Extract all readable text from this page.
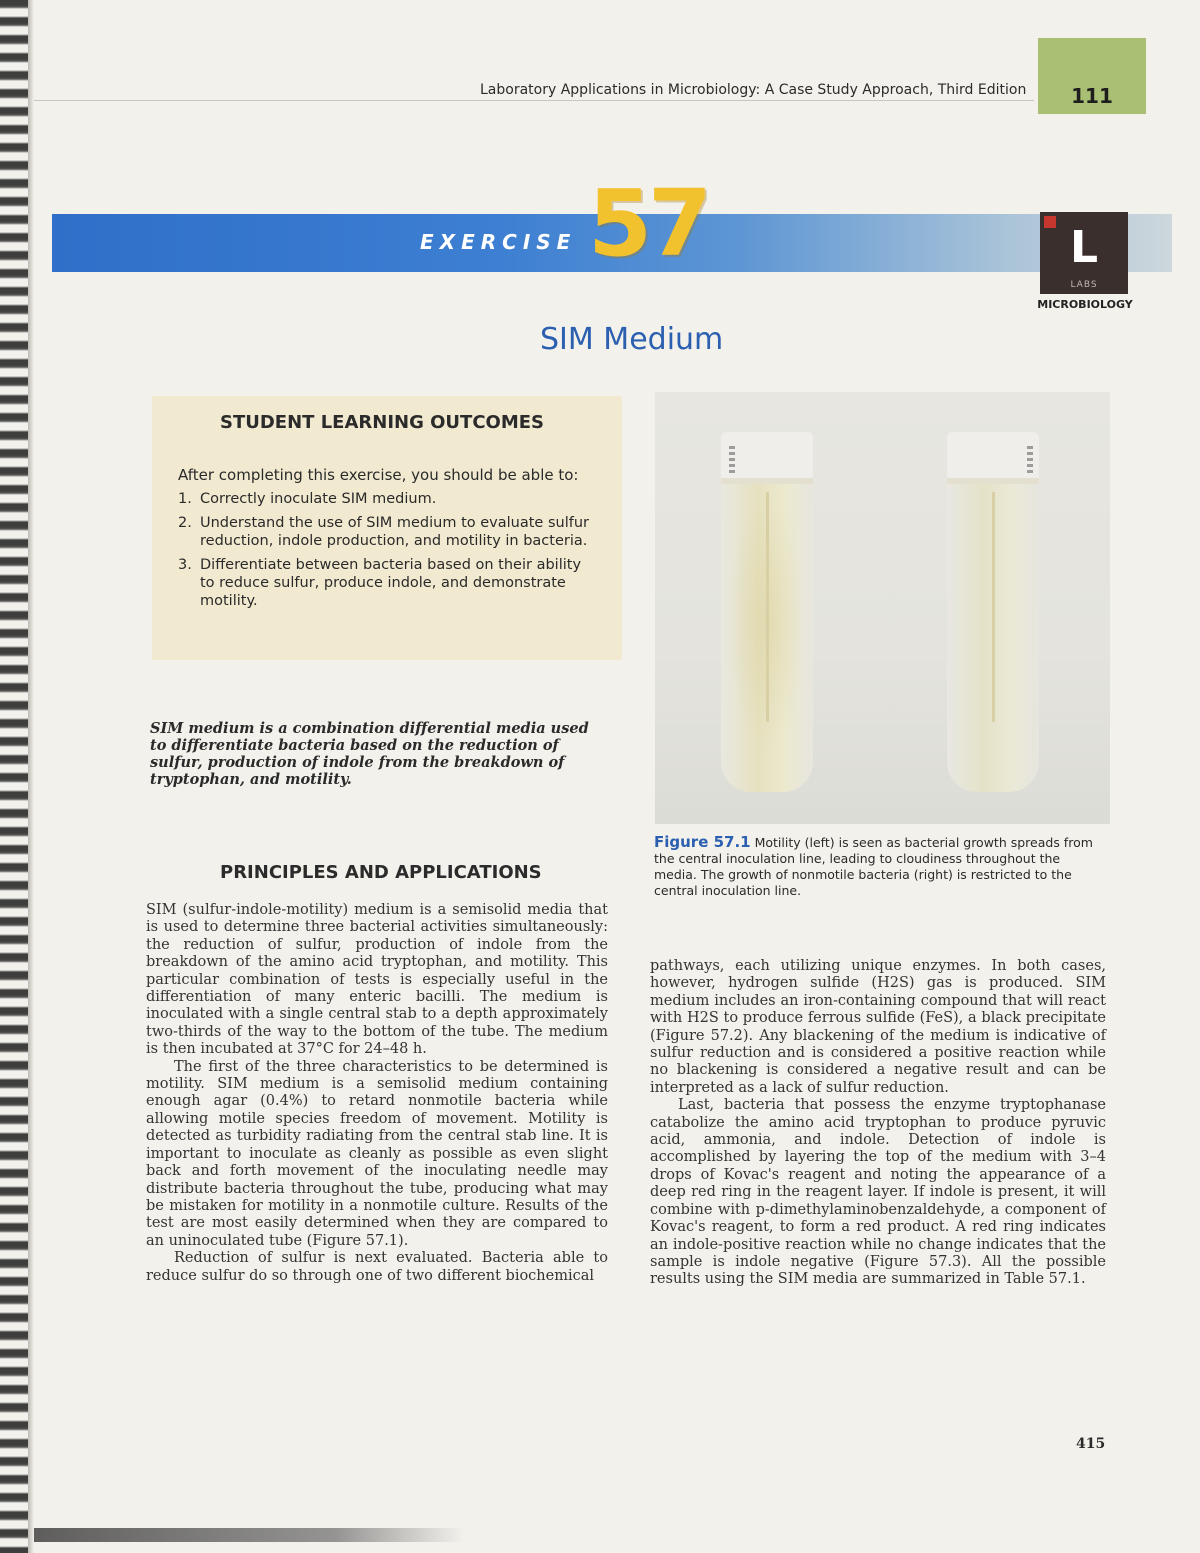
Laboratory Applications in Microbiology: A Case Study Approach, Third Edition	111
EXERCISE 57	L
LABS
MICROBIOLOGY
SIM Medium
STUDENT LEARNING OUTCOMES
After completing this exercise, you should be able to:
1. Correctly inoculate SIM medium.
2. Understand the use of SIM medium to evaluate sulfur reduction, indole production, and motility in bacteria.
3. Differentiate between bacteria based on their ability to reduce sulfur, produce indole, and demonstrate motility.
SIM medium is a combination differential media used to differentiate bacteria based on the reduction of sulfur, production of indole from the breakdown of tryptophan, and motility.
Figure 57.1 Motility (left) is seen as bacterial growth spreads from the central inoculation line, leading to cloudiness throughout the media. The growth of nonmotile bacteria (right) is restricted to the central inoculation line.
PRINCIPLES AND APPLICATIONS

SIM (sulfur-indole-motility) medium is a semisolid media that is used to determine three bacterial activities simultaneously: the reduction of sulfur, production of indole from the breakdown of the amino acid tryptophan, and motility. This particular combination of tests is especially useful in the differentiation of many enteric bacilli. The medium is inoculated with a single central stab to a depth approximately two-thirds of the way to the bottom of the tube. The medium is then incubated at 37°C for 24–48 h.

The first of the three characteristics to be determined is motility. SIM medium is a semisolid medium containing enough agar (0.4%) to retard nonmotile bacteria while allowing motile species freedom of movement. Motility is detected as turbidity radiating from the central stab line. It is important to inoculate as cleanly as possible as even slight back and forth movement of the inoculating needle may distribute bacteria throughout the tube, producing what may be mistaken for motility in a nonmotile culture. Results of the test are most easily determined when they are compared to an uninoculated tube (Figure 57.1).

Reduction of sulfur is next evaluated. Bacteria able to reduce sulfur do so through one of two different biochemical

pathways, each utilizing unique enzymes. In both cases, however, hydrogen sulfide (H2S) gas is produced. SIM medium includes an iron-containing compound that will react with H2S to produce ferrous sulfide (FeS), a black precipitate (Figure 57.2). Any blackening of the medium is indicative of sulfur reduction and is considered a positive reaction while no blackening is considered a negative result and can be interpreted as a lack of sulfur reduction.

Last, bacteria that possess the enzyme tryptophanase catabolize the amino acid tryptophan to produce pyruvic acid, ammonia, and indole. Detection of indole is accomplished by layering the top of the medium with 3–4 drops of Kovac's reagent and noting the appearance of a deep red ring in the reagent layer. If indole is present, it will combine with p-dimethylaminobenzaldehyde, a component of Kovac's reagent, to form a red product. A red ring indicates an indole-positive reaction while no change indicates that the sample is indole negative (Figure 57.3). All the possible results using the SIM media are summarized in Table 57.1.

415
